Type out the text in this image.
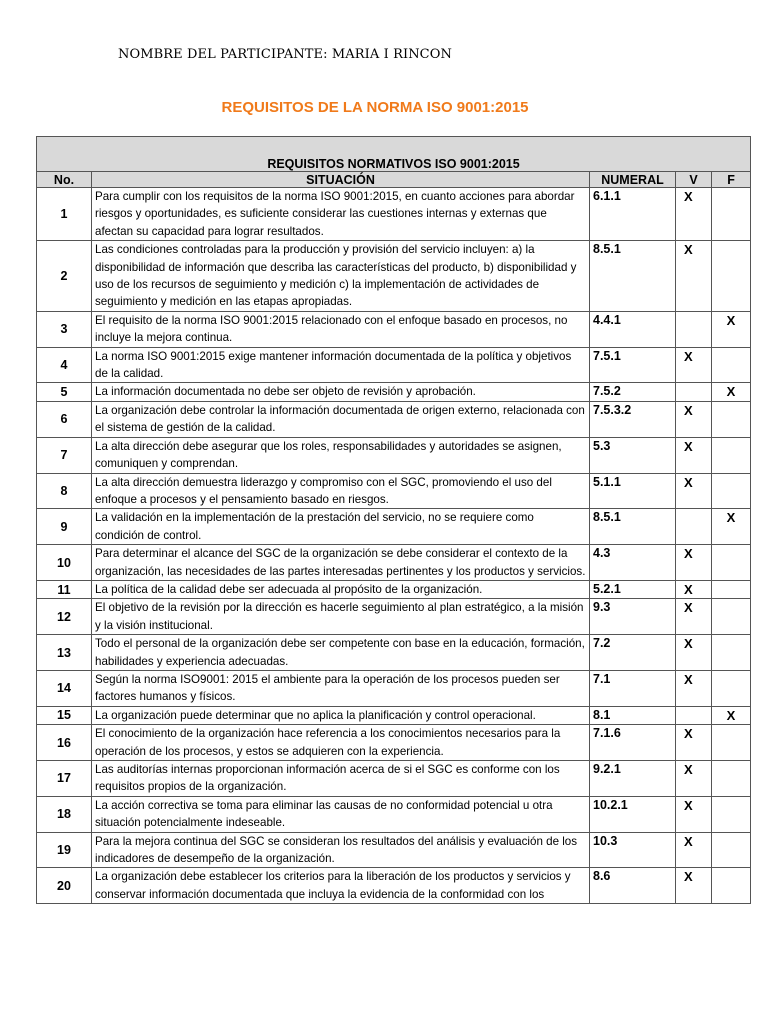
NOMBRE DEL PARTICIPANTE: MARIA I RINCON
REQUISITOS DE LA NORMA ISO 9001:2015
REQUISITOS NORMATIVOS ISO 9001:2015				
No.	SITUACIÓN	NUMERAL	V	F
1	Para cumplir con los requisitos de la norma ISO 9001:2015, en cuanto acciones para abordar riesgos y oportunidades, es suficiente considerar las cuestiones internas y externas que afectan su capacidad para lograr resultados.	6.1.1	X	
2	Las condiciones controladas para la producción y provisión del servicio incluyen: a) la disponibilidad de información que describa las características del producto, b) disponibilidad y uso de los recursos de seguimiento y medición c) la implementación de actividades de seguimiento y medición en las etapas apropiadas.	8.5.1	X	
3	El requisito de la norma ISO 9001:2015 relacionado con el enfoque basado en procesos, no incluye la mejora continua.	4.4.1		X
4	La norma ISO 9001:2015 exige mantener información documentada de la política y objetivos de la calidad.	7.5.1	X	
5	La información documentada no debe ser objeto de revisión y aprobación.	7.5.2		X
6	La organización debe controlar la información documentada de origen externo, relacionada con el sistema de gestión de la calidad.	7.5.3.2	X	
7	La alta dirección debe asegurar que los roles, responsabilidades y autoridades se asignen, comuniquen y comprendan.	5.3	X	
8	La alta dirección demuestra liderazgo y compromiso con el SGC, promoviendo el uso del enfoque a procesos y el pensamiento basado en riesgos.	5.1.1	X	
9	La validación en la implementación de la prestación del servicio, no se requiere como condición de control.	8.5.1		X
10	Para determinar el alcance del SGC de la organización se debe considerar el contexto de la organización, las necesidades de las partes interesadas pertinentes y los productos y servicios.	4.3	X	
11	La política de la calidad debe ser adecuada al propósito de la organización.	5.2.1	X	
12	El objetivo de la revisión por la dirección es hacerle seguimiento al plan estratégico, a la misión y la visión institucional.	9.3	X	
13	Todo el personal de la organización debe ser competente con base en la educación, formación, habilidades y experiencia adecuadas.	7.2	X	
14	Según la norma ISO9001: 2015 el ambiente para la operación de los procesos pueden ser factores humanos y físicos.	7.1	X	
15	La organización puede determinar que no aplica la planificación y control operacional.	8.1		X
16	El conocimiento de la organización hace referencia a los conocimientos necesarios para la operación de los procesos, y estos se adquieren con la experiencia.	7.1.6	X	
17	Las auditorías internas proporcionan información acerca de si el SGC es conforme con los requisitos propios de la organización.	9.2.1	X	
18	La acción correctiva se toma para eliminar las causas de no conformidad potencial u otra situación potencialmente indeseable.	10.2.1	X	
19	Para la mejora continua del SGC se consideran los resultados del análisis y evaluación de los indicadores de desempeño de la organización.	10.3	X	
20	La organización debe establecer los criterios para la liberación de los productos y servicios y conservar información documentada que incluya la evidencia de la conformidad con los	8.6	X	
